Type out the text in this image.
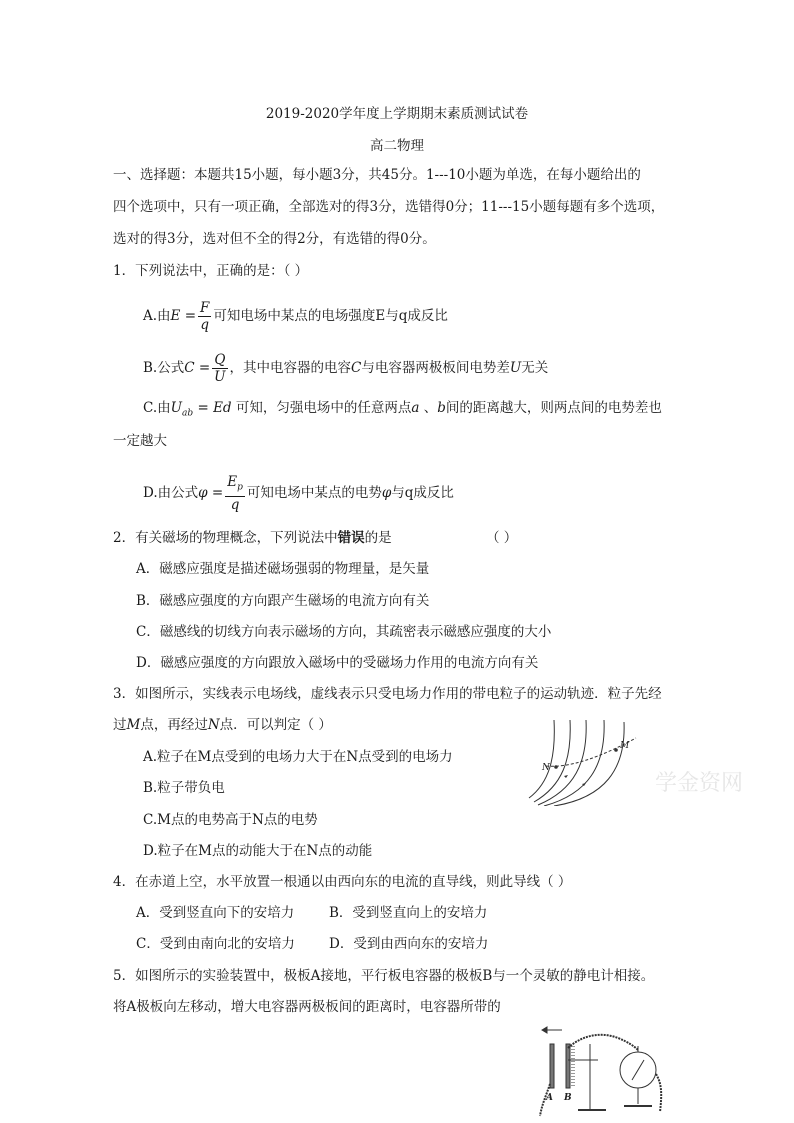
2019-2020学年度上学期期末素质测试试卷
高二物理
一、选择题：本题共15小题，每小题3分，共45分。1---10小题为单选，在每小题给出的
四个选项中，只有一项正确，全部选对的得3分，选错得0分；11---15小题每题有多个选项，
选对的得3分，选对但不全的得2分，有选错的得0分。
1．下列说法中，正确的是：（ ）
A.由$E = \frac{F}{q}$ 可知电场中某点的电场强度E与q成反比
B.公式$C = \frac{Q}{U}$ ，其中电容器的电容C与电容器两极板间电势差U无关
C.由$U_{ab} = Ed$ 可知，匀强电场中的任意两点a 、b间的距离越大，则两点间的电势差也
一定越大
D.由公式$\varphi = \frac{E_p}{q}$ 可知电场中某点的电势φ与q成反比
2．有关磁场的物理概念，下列说法中错误的是	（ ）
A．磁感应强度是描述磁场强弱的物理量，是矢量
B．磁感应强度的方向跟产生磁场的电流方向有关
C．磁感线的切线方向表示磁场的方向，其疏密表示磁感应强度的大小
D．磁感应强度的方向跟放入磁场中的受磁场力作用的电流方向有关
3．如图所示，实线表示电场线，虚线表示只受电场力作用的带电粒子的运动轨迹．粒子先经
过M点，再经过N点．可以判定（ ）
A.粒子在M点受到的电场力大于在N点受到的电场力
B.粒子带负电
C.M点的电势高于N点的电势
D.粒子在M点的动能大于在N点的动能
M
N
学金资网
4．在赤道上空，水平放置一根通以由西向东的电流的直导线，则此导线（ ）
A．受到竖直向下的安培力	B．受到竖直向上的安培力
C．受到由南向北的安培力	D．受到由西向东的安培力
5．如图所示的实验装置中，极板A接地，平行板电容器的极板B与一个灵敏的静电计相接。
将A极板向左移动，增大电容器两极板间的距离时，电容器所带的
A B
